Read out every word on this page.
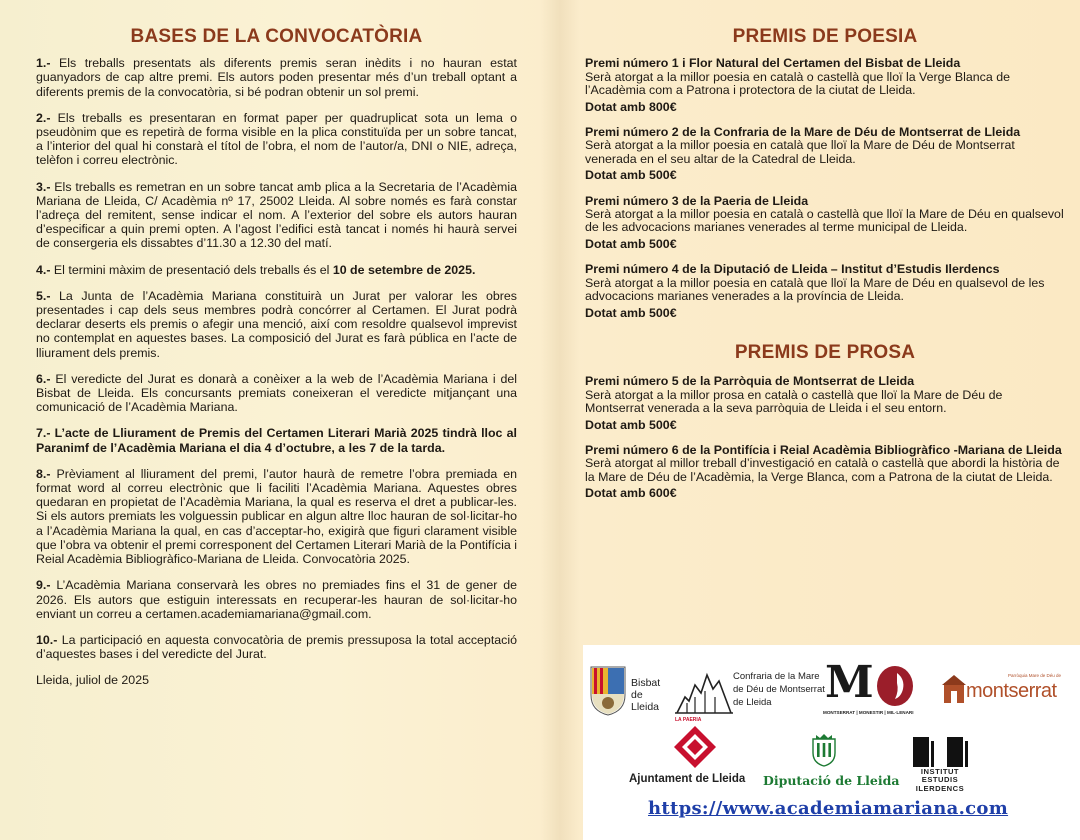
BASES DE LA CONVOCATÒRIA
1.- Els treballs presentats als diferents premis seran inèdits i no hauran estat guanyadors de cap altre premi. Els autors poden presentar més d’un treball optant a diferents premis de la convocatòria, si bé podran obtenir un sol premi.
2.- Els treballs es presentaran en format paper per quadruplicat sota un lema o pseudònim que es repetirà de forma visible en la plica constituïda per un sobre tancat, a l’interior del qual hi constarà el títol de l’obra, el nom de l’autor/a, DNI o NIE, adreça, telèfon i correu electrònic.
3.- Els treballs es remetran en un sobre tancat amb plica a la Secretaria de l’Acadèmia Mariana de Lleida, C/ Acadèmia nº 17, 25002 Lleida. Al sobre només es farà constar l’adreça del remitent, sense indicar el nom. A l’exterior del sobre els autors hauran d’especificar a quin premi opten. A l’agost l’edifici està tancat i només hi haurà servei de consergeria els dissabtes d’11.30 a 12.30 del matí.
4.- El termini màxim de presentació dels treballs és el 10 de setembre de 2025.
5.- La Junta de l’Acadèmia Mariana constituirà un Jurat per valorar les obres presentades i cap dels seus membres podrà concórrer al Certamen. El Jurat podrà declarar deserts els premis o afegir una menció, així com resoldre qualsevol imprevist no contemplat en aquestes bases. La composició del Jurat es farà pública en l’acte de lliurament dels premis.
6.- El veredicte del Jurat es donarà a conèixer a la web de l’Acadèmia Mariana i del Bisbat de Lleida. Els concursants premiats coneixeran el veredicte mitjançant una comunicació de l’Acadèmia Mariana.
7.- L’acte de Lliurament de Premis del Certamen Literari Marià 2025 tindrà lloc al Paranimf de l’Acadèmia Mariana el dia 4 d’octubre, a les 7 de la tarda.
8.- Prèviament al lliurament del premi, l’autor haurà de remetre l’obra premiada en format word al correu electrònic que li faciliti l’Acadèmia Mariana. Aquestes obres quedaran en propietat de l’Acadèmia Mariana, la qual es reserva el dret a publicar-les. Si els autors premiats les volguessin publicar en algun altre lloc hauran de sol·licitar-ho a l’Acadèmia Mariana la qual, en cas d’acceptar-ho, exigirà que figuri clarament visible que l’obra va obtenir el premi corresponent del Certamen Literari Marià de la Pontifícia i Reial Acadèmia Bibliogràfico-Mariana de Lleida. Convocatòria 2025.
9.- L’Acadèmia Mariana conservarà les obres no premiades fins el 31 de gener de 2026. Els autors que estiguin interessats en recuperar-les hauran de sol·licitar-ho enviant un correu a certamen.academiamariana@gmail.com.
10.- La participació en aquesta convocatòria de premis pressuposa la total acceptació d’aquestes bases i del veredicte del Jurat.
Lleida, juliol de 2025
PREMIS DE POESIA
Premi número 1 i Flor Natural del Certamen del Bisbat de Lleida
Serà atorgat a la millor poesia en català o castellà que lloï la Verge Blanca de l’Acadèmia com a Patrona i protectora de la ciutat de Lleida.
Dotat amb 800€
Premi número 2 de la Confraria de la Mare de Déu de Montserrat de Lleida
Serà atorgat a la millor poesia en català que lloï la Mare de Déu de Montserrat venerada en el seu altar de la Catedral de Lleida.
Dotat amb 500€
Premi número 3 de la Paeria de Lleida
Serà atorgat a la millor poesia en català o castellà que lloï la Mare de Déu en qualsevol de les advocacions marianes venerades al terme municipal de Lleida.
Dotat amb 500€
Premi número 4 de la Diputació de Lleida – Institut d’Estudis Ilerdencs
Serà atorgat a la millor poesia en català que lloï la Mare de Déu en qualsevol de les advocacions marianes venerades a la província de Lleida.
Dotat amb 500€
PREMIS DE PROSA
Premi número 5 de la Parròquia de Montserrat de Lleida
Serà atorgat a la millor prosa en català o castellà que lloï la Mare de Déu de Montserrat venerada a la seva parròquia de Lleida i el seu entorn.
Dotat amb 500€
Premi número 6 de la Pontifícia i Reial Acadèmia Bibliogràfico -Mariana de Lleida
Serà atorgat al millor treball d’investigació en català o castellà que abordi la història de la Mare de Déu de l’Acadèmia, la Verge Blanca, com a Patrona de la ciutat de Lleida.
Dotat amb 600€
Bisbat
de
Lleida
Confraria de la Mare
de Déu de Montserrat
de Lleida	M
MONTSERRAT | MONESTIR | MIL·LENARI
Parròquia Mare de Déu de
montserrat
LA PAERIA
Ajuntament de Lleida Diputació de Lleida
INSTITUT
ESTUDIS
ILERDENCS
https://www.academiamariana.com
